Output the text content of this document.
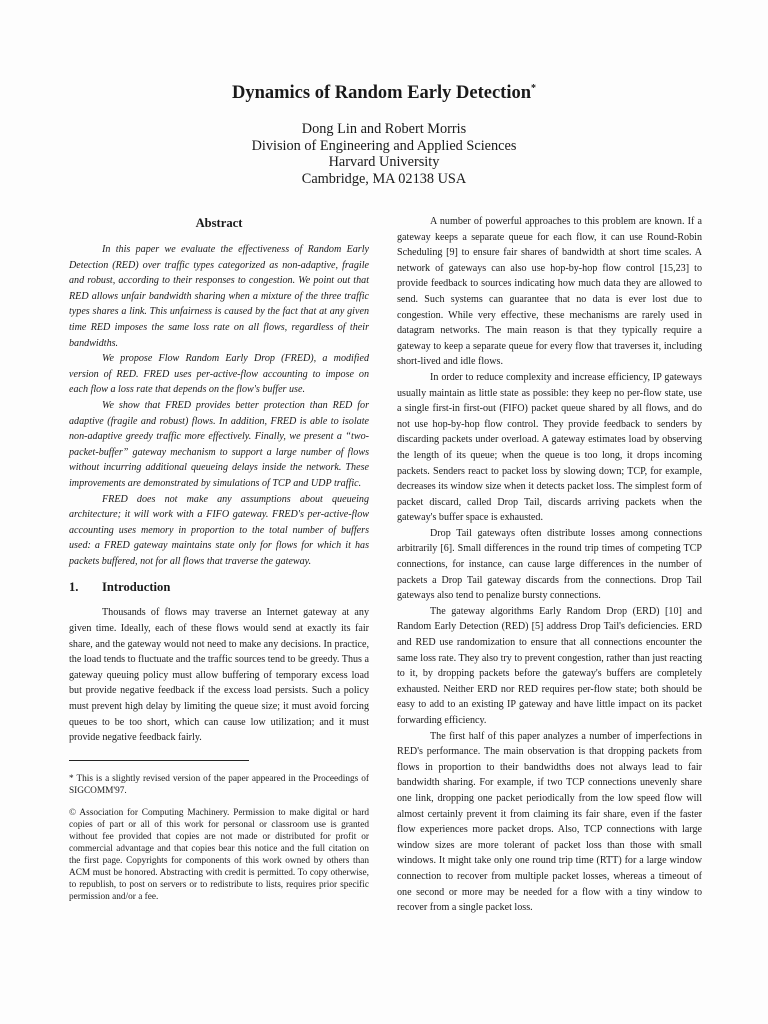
Dynamics of Random Early Detection*
Dong Lin and Robert Morris
Division of Engineering and Applied Sciences
Harvard University
Cambridge, MA 02138 USA
Abstract

In this paper we evaluate the effectiveness of Random Early Detection (RED) over traffic types categorized as non-adaptive, fragile and robust, according to their responses to congestion. We point out that RED allows unfair bandwidth sharing when a mixture of the three traffic types shares a link. This unfairness is caused by the fact that at any given time RED imposes the same loss rate on all flows, regardless of their bandwidths.

We propose Flow Random Early Drop (FRED), a modified version of RED. FRED uses per-active-flow accounting to impose on each flow a loss rate that depends on the flow's buffer use.

We show that FRED provides better protection than RED for adaptive (fragile and robust) flows. In addition, FRED is able to isolate non-adaptive greedy traffic more effectively. Finally, we present a “two-packet-buffer” gateway mechanism to support a large number of flows without incurring additional queueing delays inside the network. These improvements are demonstrated by simulations of TCP and UDP traffic.

FRED does not make any assumptions about queueing architecture; it will work with a FIFO gateway. FRED's per-active-flow accounting uses memory in proportion to the total number of buffers used: a FRED gateway maintains state only for flows for which it has packets buffered, not for all flows that traverse the gateway.

1. Introduction

Thousands of flows may traverse an Internet gateway at any given time. Ideally, each of these flows would send at exactly its fair share, and the gateway would not need to make any decisions. In practice, the load tends to fluctuate and the traffic sources tend to be greedy. Thus a gateway queuing policy must allow buffering of temporary excess load but provide negative feedback if the excess load persists. Such a policy must prevent high delay by limiting the queue size; it must avoid forcing queues to be too short, which can cause low utilization; and it must provide negative feedback fairly.

* This is a slightly revised version of the paper appeared in the Proceedings of SIGCOMM'97.

© Association for Computing Machinery. Permission to make digital or hard copies of part or all of this work for personal or classroom use is granted without fee provided that copies are not made or distributed for profit or commercial advantage and that copies bear this notice and the full citation on the first page. Copyrights for components of this work owned by others than ACM must be honored. Abstracting with credit is permitted. To copy otherwise, to republish, to post on servers or to redistribute to lists, requires prior specific permission and/or a fee.

A number of powerful approaches to this problem are known. If a gateway keeps a separate queue for each flow, it can use Round-Robin Scheduling [9] to ensure fair shares of bandwidth at short time scales. A network of gateways can also use hop-by-hop flow control [15,23] to provide feedback to sources indicating how much data they are allowed to send. Such systems can guarantee that no data is ever lost due to congestion. While very effective, these mechanisms are rarely used in datagram networks. The main reason is that they typically require a gateway to keep a separate queue for every flow that traverses it, including short-lived and idle flows.

In order to reduce complexity and increase efficiency, IP gateways usually maintain as little state as possible: they keep no per-flow state, use a single first-in first-out (FIFO) packet queue shared by all flows, and do not use hop-by-hop flow control. They provide feedback to senders by discarding packets under overload. A gateway estimates load by observing the length of its queue; when the queue is too long, it drops incoming packets. Senders react to packet loss by slowing down; TCP, for example, decreases its window size when it detects packet loss. The simplest form of packet discard, called Drop Tail, discards arriving packets when the gateway's buffer space is exhausted.

Drop Tail gateways often distribute losses among connections arbitrarily [6]. Small differences in the round trip times of competing TCP connections, for instance, can cause large differences in the number of packets a Drop Tail gateway discards from the connections. Drop Tail gateways also tend to penalize bursty connections.

The gateway algorithms Early Random Drop (ERD) [10] and Random Early Detection (RED) [5] address Drop Tail's deficiencies. ERD and RED use randomization to ensure that all connections encounter the same loss rate. They also try to prevent congestion, rather than just reacting to it, by dropping packets before the gateway's buffers are completely exhausted. Neither ERD nor RED requires per-flow state; both should be easy to add to an existing IP gateway and have little impact on its packet forwarding efficiency.

The first half of this paper analyzes a number of imperfections in RED's performance. The main observation is that dropping packets from flows in proportion to their bandwidths does not always lead to fair bandwidth sharing. For example, if two TCP connections unevenly share one link, dropping one packet periodically from the low speed flow will almost certainly prevent it from claiming its fair share, even if the faster flow experiences more packet drops. Also, TCP connections with large window sizes are more tolerant of packet loss than those with small windows. It might take only one round trip time (RTT) for a large window connection to recover from multiple packet losses, whereas a timeout of one second or more may be needed for a flow with a tiny window to recover from a single packet loss.
